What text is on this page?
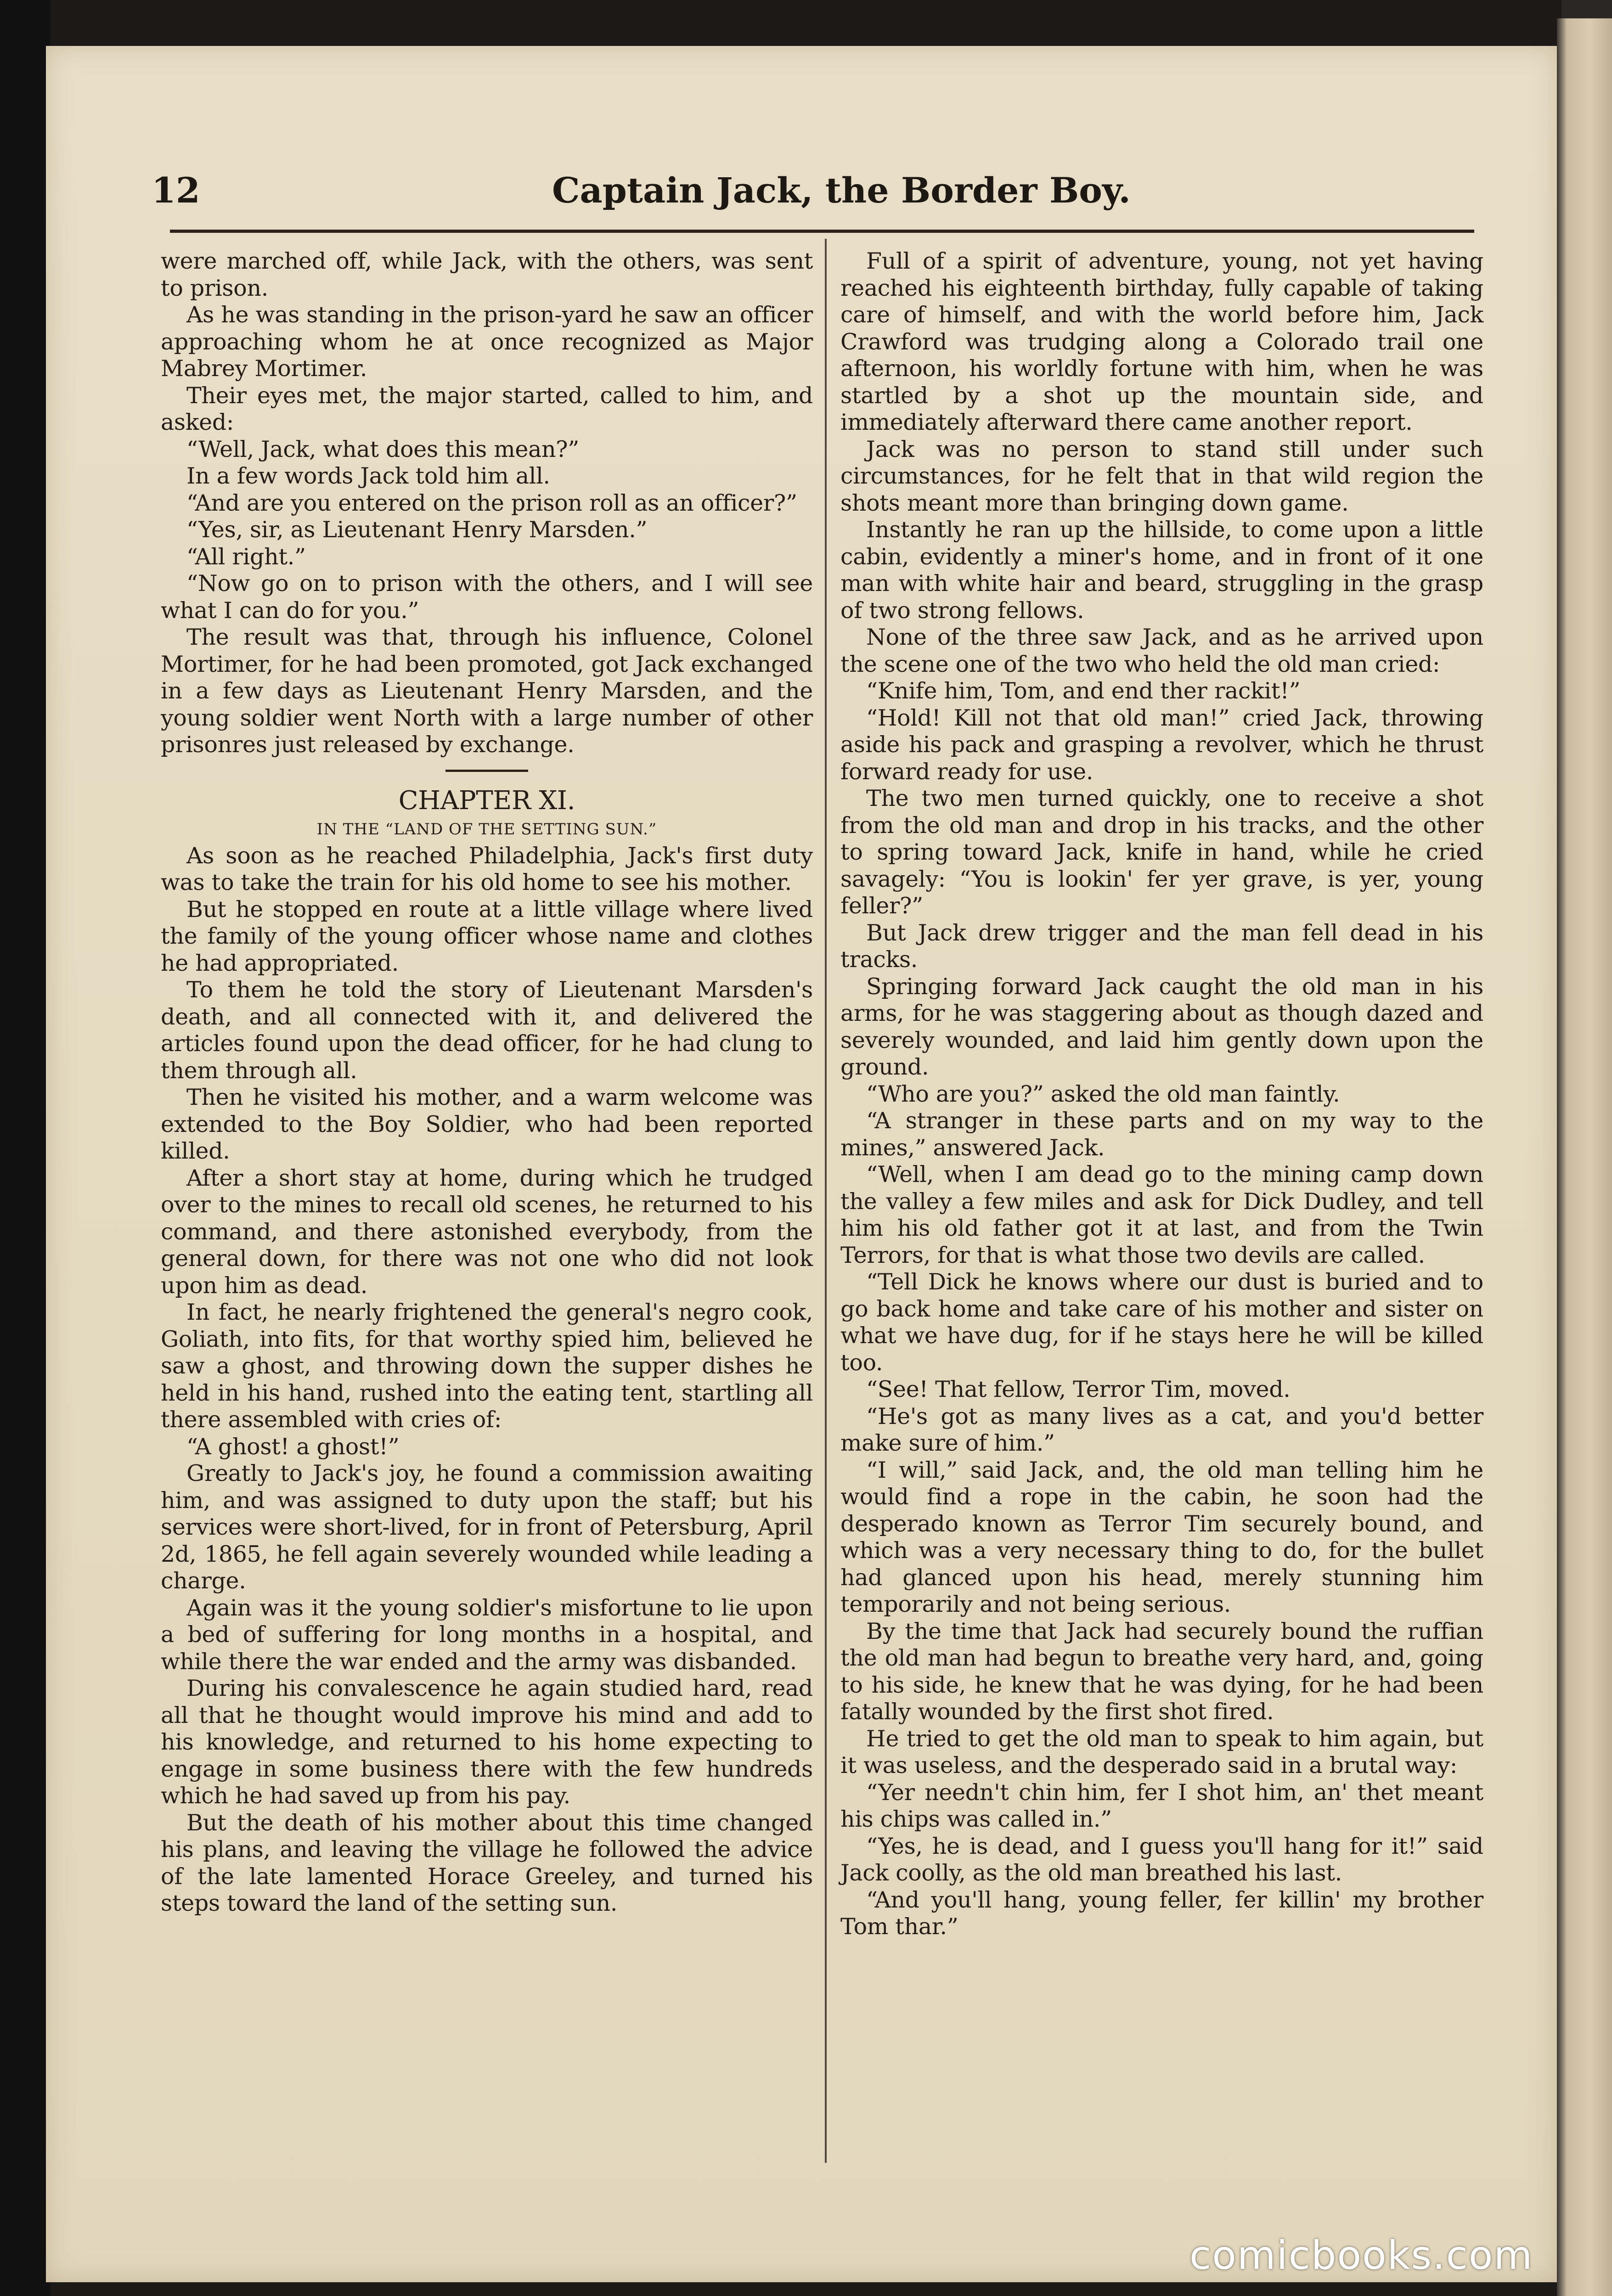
12	Captain Jack, the Border Boy.

were marched off, while Jack, with the others, was sent to prison.

As he was standing in the prison-yard he saw an officer approaching whom he at once recognized as Major Mabrey Mortimer.

Their eyes met, the major started, called to him, and asked:

“Well, Jack, what does this mean?”

In a few words Jack told him all.

“And are you entered on the prison roll as an officer?”

“Yes, sir, as Lieutenant Henry Marsden.”

“All right.”

“Now go on to prison with the others, and I will see what I can do for you.”

The result was that, through his influence, Colonel Mortimer, for he had been promoted, got Jack exchanged in a few days as Lieutenant Henry Marsden, and the young soldier went North with a large number of other prisonres just released by exchange.

CHAPTER XI.

IN THE “LAND OF THE SETTING SUN.”

As soon as he reached Philadelphia, Jack's first duty was to take the train for his old home to see his mother.

But he stopped en route at a little village where lived the family of the young officer whose name and clothes he had appropriated.

To them he told the story of Lieutenant Marsden's death, and all connected with it, and delivered the articles found upon the dead officer, for he had clung to them through all.

Then he visited his mother, and a warm welcome was extended to the Boy Soldier, who had been reported killed.

After a short stay at home, during which he trudged over to the mines to recall old scenes, he returned to his command, and there astonished everybody, from the general down, for there was not one who did not look upon him as dead.

In fact, he nearly frightened the general's negro cook, Goliath, into fits, for that worthy spied him, believed he saw a ghost, and throwing down the supper dishes he held in his hand, rushed into the eating tent, startling all there assembled with cries of:

“A ghost! a ghost!”

Greatly to Jack's joy, he found a commission awaiting him, and was assigned to duty upon the staff; but his services were short-lived, for in front of Petersburg, April 2d, 1865, he fell again severely wounded while leading a charge.

Again was it the young soldier's misfortune to lie upon a bed of suffering for long months in a hospital, and while there the war ended and the army was disbanded.

During his convalescence he again studied hard, read all that he thought would improve his mind and add to his knowledge, and returned to his home expecting to engage in some business there with the few hundreds which he had saved up from his pay.

But the death of his mother about this time changed his plans, and leaving the village he followed the advice of the late lamented Horace Greeley, and turned his steps toward the land of the setting sun.

Full of a spirit of adventure, young, not yet having reached his eighteenth birthday, fully capable of taking care of himself, and with the world before him, Jack Crawford was trudging along a Colorado trail one afternoon, his worldly fortune with him, when he was startled by a shot up the mountain side, and immediately afterward there came another report.

Jack was no person to stand still under such circumstances, for he felt that in that wild region the shots meant more than bringing down game.

Instantly he ran up the hillside, to come upon a little cabin, evidently a miner's home, and in front of it one man with white hair and beard, struggling in the grasp of two strong fellows.

None of the three saw Jack, and as he arrived upon the scene one of the two who held the old man cried:

“Knife him, Tom, and end ther rackit!”

“Hold! Kill not that old man!” cried Jack, throwing aside his pack and grasping a revolver, which he thrust forward ready for use.

The two men turned quickly, one to receive a shot from the old man and drop in his tracks, and the other to spring toward Jack, knife in hand, while he cried savagely: “You is lookin' fer yer grave, is yer, young feller?”

But Jack drew trigger and the man fell dead in his tracks.

Springing forward Jack caught the old man in his arms, for he was staggering about as though dazed and severely wounded, and laid him gently down upon the ground.

“Who are you?” asked the old man faintly.

“A stranger in these parts and on my way to the mines,” answered Jack.

“Well, when I am dead go to the mining camp down the valley a few miles and ask for Dick Dudley, and tell him his old father got it at last, and from the Twin Terrors, for that is what those two devils are called.

“Tell Dick he knows where our dust is buried and to go back home and take care of his mother and sister on what we have dug, for if he stays here he will be killed too.

“See! That fellow, Terror Tim, moved.

“He's got as many lives as a cat, and you'd better make sure of him.”

“I will,” said Jack, and, the old man telling him he would find a rope in the cabin, he soon had the desperado known as Terror Tim securely bound, and which was a very necessary thing to do, for the bullet had glanced upon his head, merely stunning him temporarily and not being serious.

By the time that Jack had securely bound the ruffian the old man had begun to breathe very hard, and, going to his side, he knew that he was dying, for he had been fatally wounded by the first shot fired.

He tried to get the old man to speak to him again, but it was useless, and the desperado said in a brutal way:

“Yer needn't chin him, fer I shot him, an' thet meant his chips was called in.”

“Yes, he is dead, and I guess you'll hang for it!” said Jack coolly, as the old man breathed his last.

“And you'll hang, young feller, fer killin' my brother Tom thar.”

comicbooks.com
